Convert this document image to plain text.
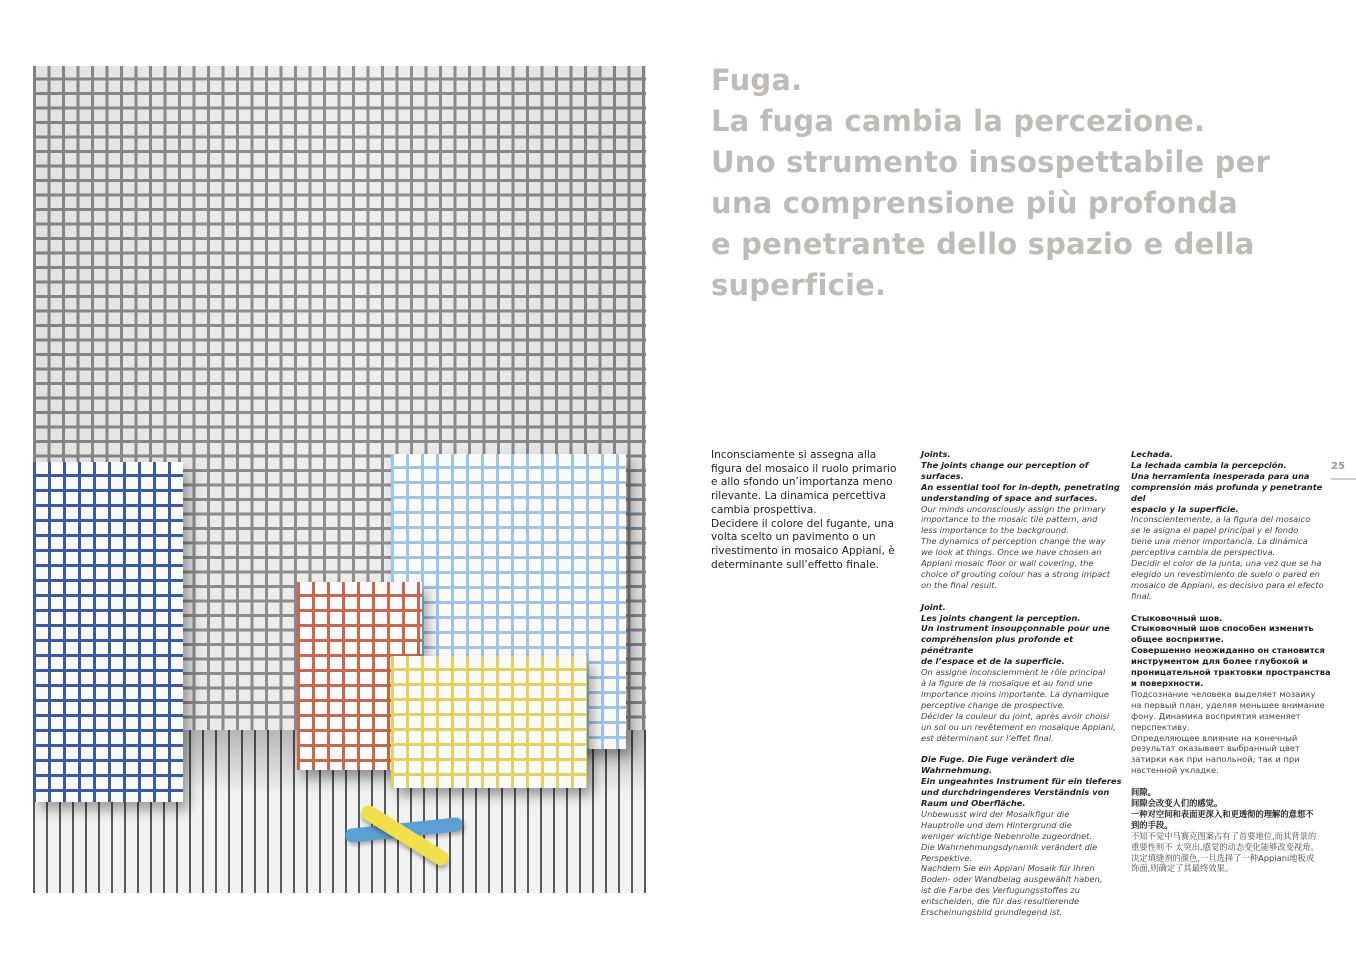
Fuga.
La fuga cambia la percezione.
Uno strumento insospettabile per
una comprensione più profonda
e penetrante dello spazio e della
superficie.
Inconsciamente si assegna alla
figura del mosaico il ruolo primario
e allo sfondo un’importanza meno
rilevante. La dinamica percettiva
cambia prospettiva.
Decidere il colore del fugante, una
volta scelto un pavimento o un
rivestimento in mosaico Appiani, è
determinante sull’effetto finale.
Joints.
The joints change our perception of surfaces.
An essential tool for in-depth, penetrating
understanding of space and surfaces.
Our minds unconsciously assign the primary
importance to the mosaic tile pattern, and
less importance to the background.
The dynamics of perception change the way
we look at things. Once we have chosen an
Appiani mosaic floor or wall covering, the
choice of grouting colour has a strong impact
on the final result.
Joint.
Les joints changent la perception.
Un instrument insoupçonnable pour une
compréhension plus profonde et pénétrante
de l’espace et de la superficie.
On assigne inconsciemment le rôle principal
à la figure de la mosaïque et au fond une
importance moins importante. La dynamique
perceptive change de prospective.
Décider la couleur du joint, après avoir choisi
un sol ou un revêtement en mosaïque Appiani,
est déterminant sur l’effet final.
Die Fuge. Die Fuge verändert die
Wahrnehmung.
Ein ungeahntes Instrument für ein tieferes
und durchdringenderes Verständnis von
Raum und Oberfläche.
Unbewusst wird der Mosaikfigur die
Hauptrolle und dem Hintergrund die
weniger wichtige Nebenrolle zugeordnet.
Die Wahrnehmungsdynamik verändert die
Perspektive.
Nachdem Sie ein Appiani Mosaik für Ihren
Boden- oder Wandbelag ausgewählt haben,
ist die Farbe des Verfugungsstoffes zu
entscheiden, die für das resultierende
Erscheinungsbild grundlegend ist.
Lechada.
La lechada cambia la percepción.
Una herramienta inesperada para una
comprensión más profunda y penetrante del
espacio y la superficie.
Inconscientemente, a la figura del mosaico
se le asigna el papel principal y el fondo
tiene una menor importancia. La dinámica
perceptiva cambia de perspectiva.
Decidir el color de la junta, una vez que se ha
elegido un revestimiento de suelo o pared en
mosaico de Appiani, es decisivo para el efecto
final.
Стыковочный шов.
Стыковочный шов способен изменить
общее восприятие.
Совершенно неожиданно он становится
инструментом для более глубокой и
проницательной трактовки пространства
и поверхности.
Подсознание человека выделяет мозаику
на первый план, уделяя меньшее внимание
фону. Динамика восприятия изменяет
перспективу.
Определяющее влияние на конечный
результат оказывает выбранный цвет
затирки как при напольной, так и при
настенной укладке.
间隙。
间隙会改变人们的感觉。
一种对空间和表面更深入和更透彻的理解的意想不
到的手段。
不知不觉中马赛克图案占有了首要地位,而其背景的
重要性则不 太突出,感觉的动态变化能够改变视角。
决定填缝剂的颜色,一旦选择了一种Appiani地板或
饰面,则确定了其最终效果。
25
